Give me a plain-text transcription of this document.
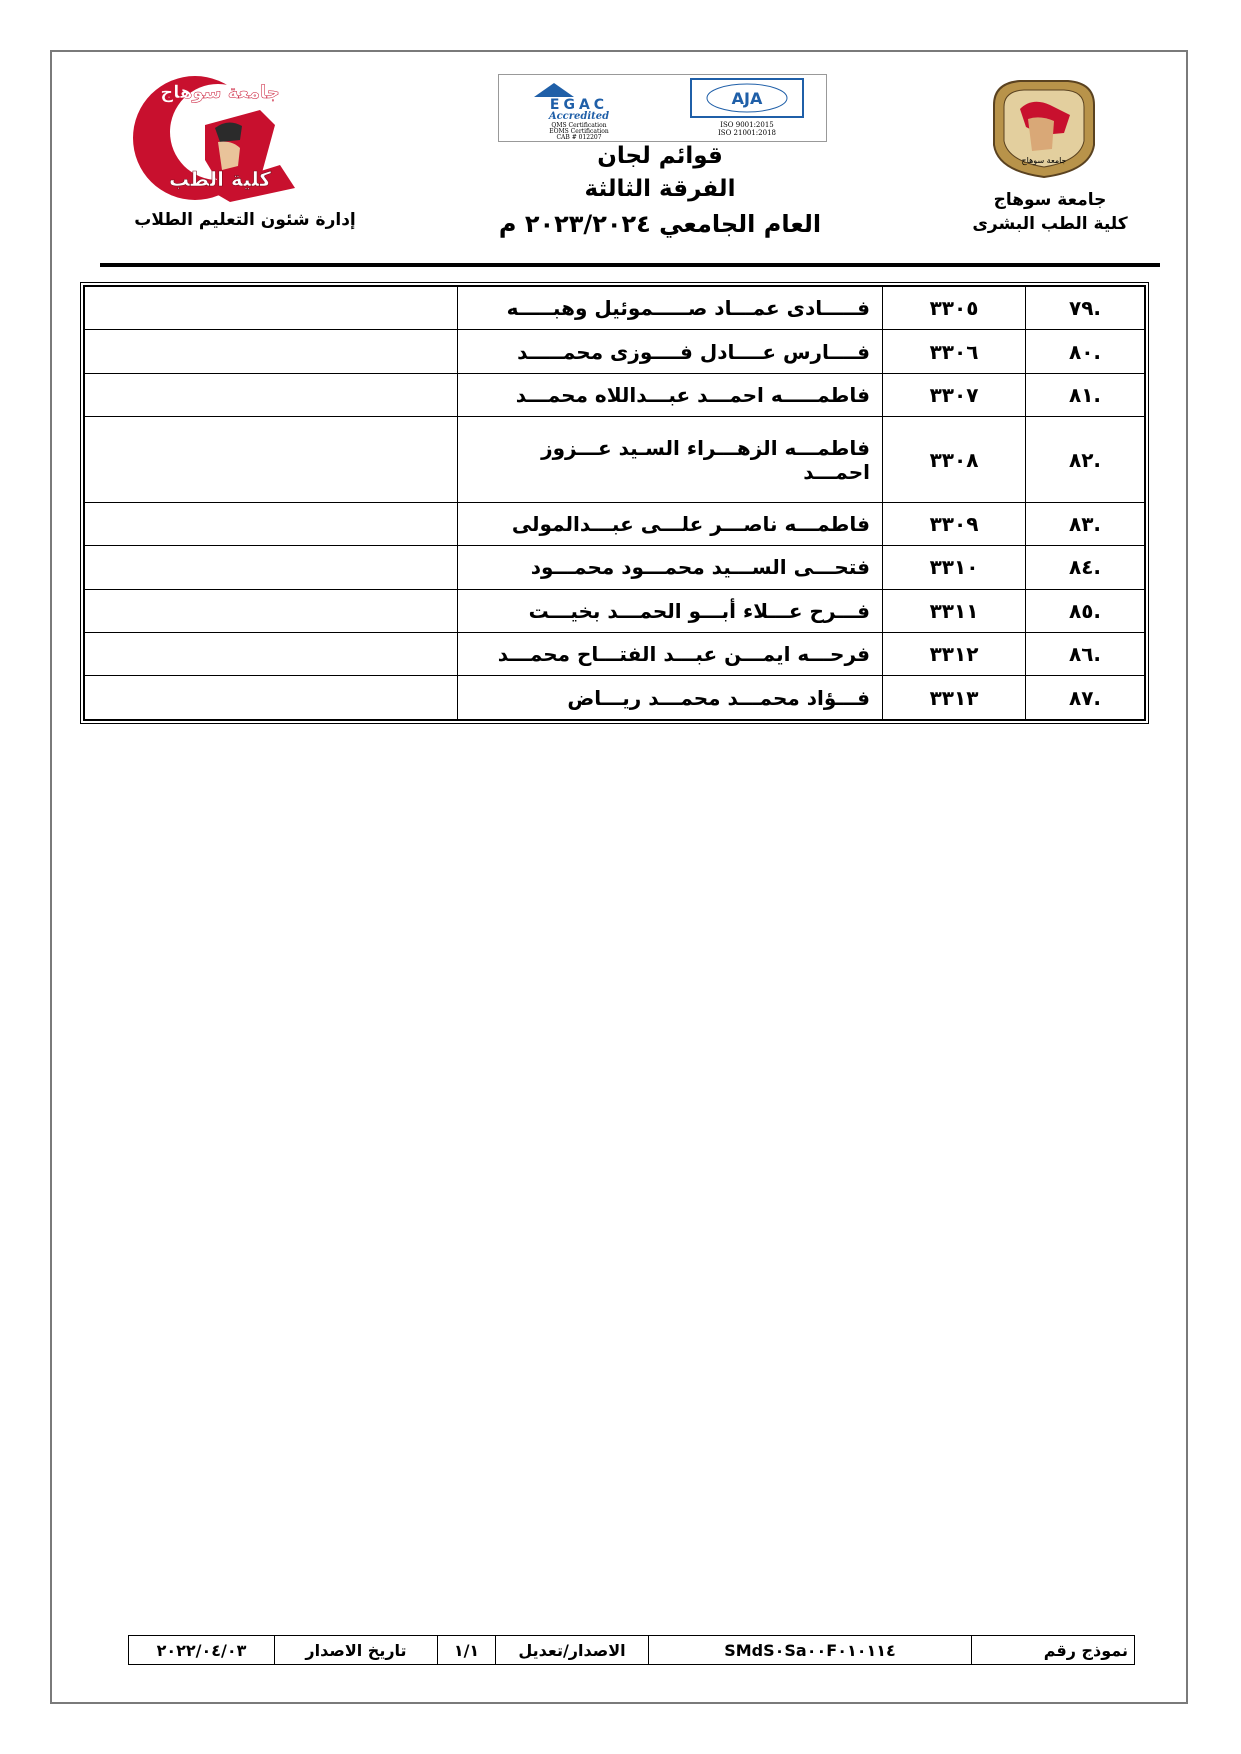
جامعة سوهاج
كلية الطب
إدارة شئون التعليم الطلاب
EGAC
Accredited
QMS Certification
EOMS Certification
CAB # 012207
AJA
ISO 9001:2015
ISO 21001:2018
قوائم لجان
الفرقة الثالثة
العام الجامعي ٢٠٢٣/٢٠٢٤ م
جامعة سوهاج
جامعة سوهاج
كلية الطب البشرى
.٧٩	٣٣٠٥	فـــــادى عمـــاد صـــــموئيل وهبـــــه	
.٨٠	٣٣٠٦	فــــارس عــــادل فــــوزى محمـــــد	
.٨١	٣٣٠٧	فاطمـــــه احمـــد عبـــداللاه محمـــد	
.٨٢	٣٣٠٨	فاطمـــه الزهـــراء السـيد عـــزوز احمـــد	
.٨٣	٣٣٠٩	فاطمـــه ناصـــر علـــى عبـــدالمولى	
.٨٤	٣٣١٠	فتحـــى الســـيد محمـــود محمـــود	
.٨٥	٣٣١١	فـــرح عـــلاء أبـــو الحمـــد بخيـــت	
.٨٦	٣٣١٢	فرحـــه ايمـــن عبـــد الفتـــاح محمـــد	
.٨٧	٣٣١٣	فـــؤاد محمـــد محمـــد ريـــاض	
نموذج رقم	SMdS٠Sa٠٠F٠١٠١١٤	الاصدار/تعديل	١/١	تاريخ الاصدار	٢٠٢٢/٠٤/٠٣
